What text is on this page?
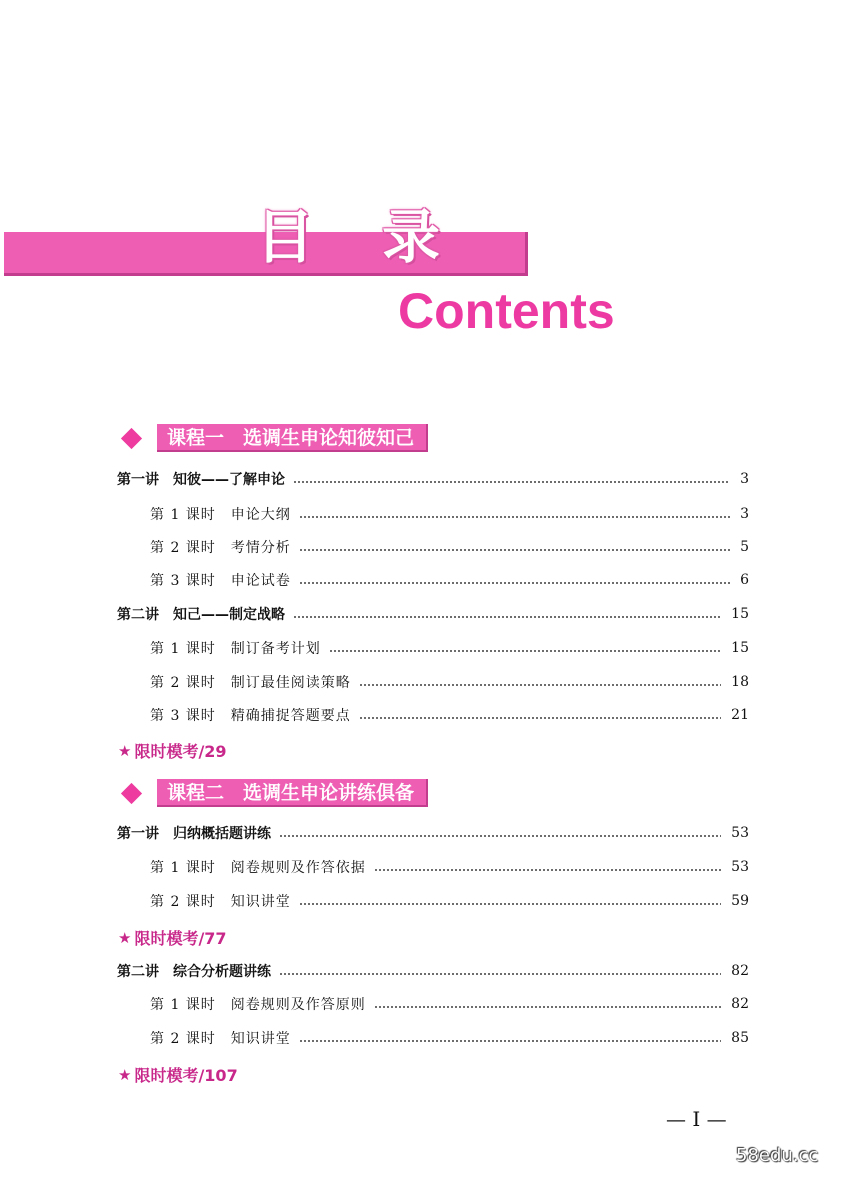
目 录
Contents
课程一　选调生申论知彼知己
第一讲　知彼——了解申论	3
第 1 课时　申论大纲	3
第 2 课时　考情分析	5
第 3 课时　申论试卷	6
第二讲　知己——制定战略	15
第 1 课时　制订备考计划	15
第 2 课时　制订最佳阅读策略	18
第 3 课时　精确捕捉答题要点	21
★ 限时模考/29
课程二　选调生申论讲练俱备
第一讲　归纳概括题讲练	53
第 1 课时　阅卷规则及作答依据	53
第 2 课时　知识讲堂	59
★ 限时模考/77
第二讲　综合分析题讲练	82
第 1 课时　阅卷规则及作答原则	82
第 2 课时　知识讲堂	85
★ 限时模考/107
— I —
58edu.cc
